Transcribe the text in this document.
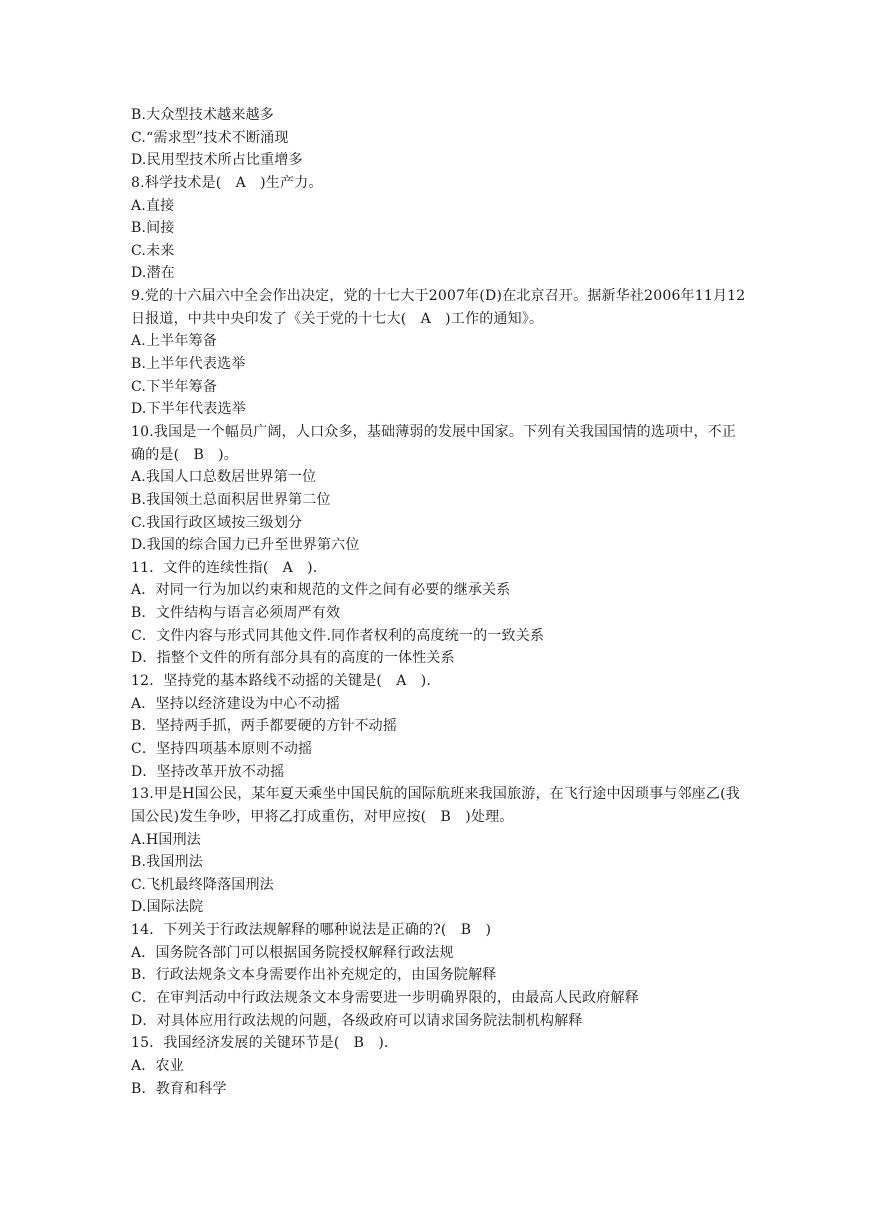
B.大众型技术越来越多
C.“需求型”技术不断涌现
D.民用型技术所占比重增多
8.科学技术是(　A　)生产力。
A.直接
B.间接
C.未来
D.潜在
9.党的十六届六中全会作出决定，党的十七大于2007年(D)在北京召开。据新华社2006年11月12
日报道，中共中央印发了《关于党的十七大(　A　)工作的通知》。
A.上半年筹备
B.上半年代表选举
C.下半年筹备
D.下半年代表选举
10.我国是一个幅员广阔，人口众多，基础薄弱的发展中国家。下列有关我国国情的选项中，不正
确的是(　B　)。
A.我国人口总数居世界第一位
B.我国领土总面积居世界第二位
C.我国行政区域按三级划分
D.我国的综合国力已升至世界第六位
11．文件的连续性指(　A　)．
A．对同一行为加以约束和规范的文件之间有必要的继承关系
B．文件结构与语言必须周严有效
C．文件内容与形式同其他文件.同作者权利的高度统一的一致关系
D．指整个文件的所有部分具有的高度的一体性关系
12．坚持党的基本路线不动摇的关键是(　A　)．
A．坚持以经济建设为中心不动摇
B．坚持两手抓，两手都要硬的方针不动摇
C．坚持四项基本原则不动摇
D．坚持改革开放不动摇
13.甲是H国公民，某年夏天乘坐中国民航的国际航班来我国旅游，在飞行途中因琐事与邻座乙(我
国公民)发生争吵，甲将乙打成重伤，对甲应按(　B　)处理。
A.H国刑法
B.我国刑法
C.飞机最终降落国刑法
D.国际法院
14．下列关于行政法规解释的哪种说法是正确的?(　B　)
A．国务院各部门可以根据国务院授权解释行政法规
B．行政法规条文本身需要作出补充规定的，由国务院解释
C．在审判活动中行政法规条文本身需要进一步明确界限的，由最高人民政府解释
D．对具体应用行政法规的问题，各级政府可以请求国务院法制机构解释
15．我国经济发展的关键环节是(　B　)．
A．农业
B．教育和科学
